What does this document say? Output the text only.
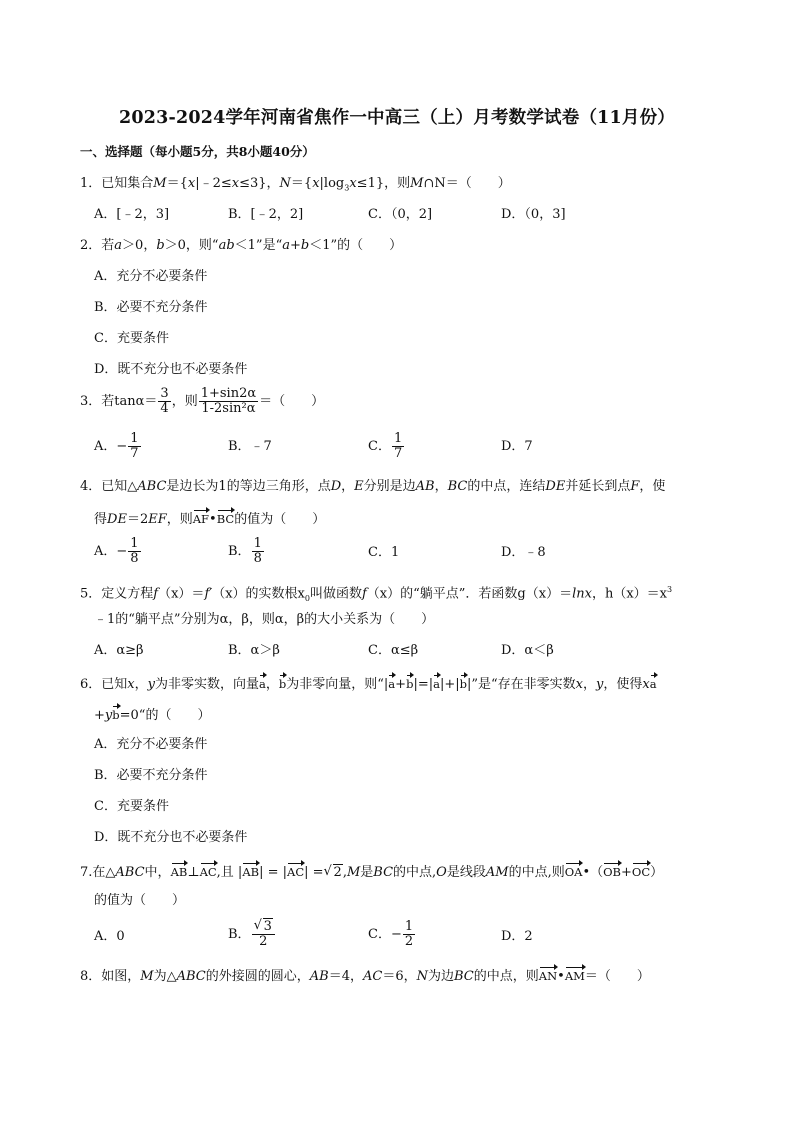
2023-2024学年河南省焦作一中高三（上）月考数学试卷（11月份）
一、选择题（每小题5分，共8小题40分）
1．已知集合M＝{x|﹣2≤x≤3}，$N=\{x|\log_3x\le 1\}$，则M∩N＝（　　）
A．[﹣2，3]	B．[﹣2，2]	C．（0，2]	D．（0，3]
2．若a＞0，b＞0，则“ab＜1”是“a+b＜1”的（　　）
A．充分不必要条件
B．必要不充分条件
C．充要条件
D．既不充分也不必要条件
3．若$\tan\alpha= \frac{3}{4}$ ，则 $\frac{1+\sin 2\alpha}{\text{1-2sin²α}}$ ＝（　　）
A．− $\frac{1}{7}$	B．﹣7	C． $\frac{1}{7}$	D．7
4．已知△ABC是边长为1的等边三角形，点D，E分别是边AB，BC的中点，连结DE并延长到点F，使
得DE＝2EF，则AF•BC的值为（　　）
A．− $\frac{1}{8}$	B． $\frac{1}{8}$	C．1	D．﹣8
5．定义方程f（x）＝f′（x）的实数根$x_0$叫做函数f（x）的“躺平点”．若函数g（x）＝lnx，$h(x)=x^3$
﹣1的“躺平点”分别为α，β，则α，β的大小关系为（　　）
A．α≥β	B．α＞β	C．α≤β	D．α＜β
6．已知x，y为非零实数，向量a，b为非零向量，则“|a+b|=|a|+|b|”是“存在非零实数x，y，使得xa
+yb=0“的（　　）
A．充分不必要条件
B．必要不充分条件
C．充要条件
D．既不充分也不必要条件
7.在△ABC中，AB⊥AC,且 |AB| = |AC| = √ 2,M是BC的中点,O是线段AM的中点,则OA•（OB+OC）
的值为（　　）
A．0	B． √ $\frac{3}{2}$	C．− $\frac{1}{2}$	D．2
8．如图，M为△ABC的外接圆的圆心，AB＝4，AC＝6，N为边BC的中点，则AN•AM＝（　　）
